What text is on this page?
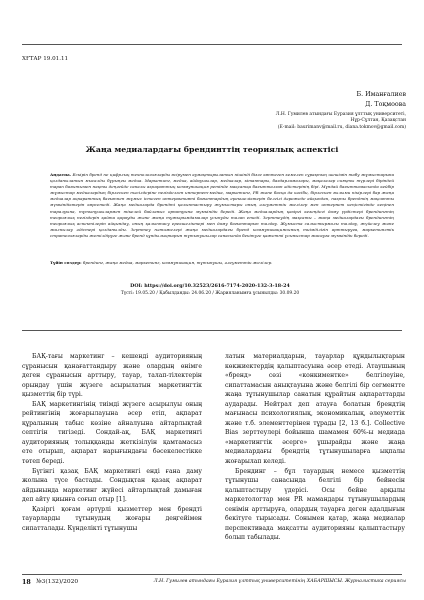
ХҒТАР 19.01.11

Б. Иманғалиев
Д. Тоқмоова
Л.Н. Гумилев атындағы Еуразия ұлттық университеті,
Нұр-Сұлтан, Қазақстан
(E-mail: baurimanv@mail.ru, diana.tokmov@gmail.com)
Жаңа медиалардағы брендинттің теориялық аспектісі

Аңдатпа. Ескіріп бренд пе цифрлық технологияларды өсірумен аумақтырылатын пішінді бізге көптеген кемелеп сұрақтың шешімін табу жұмыстарына қолданылатын мысалды бұрыңғы медиа. Маркетинг, медиа, айдаушылар, медиалар, кітаптары, бағдарламалары, мақалалар сияқты түрлері біріндей тарап бағытымен нақты деңгейде сапалы ақпараттық коммуникация ретінде мақсатқа бағытталған әдістерінің бірі. Мұндай бағыттамасында кейбір жұмыстар медиалардың бірлескен тәсілдеріне негізделген интернет-медиа, маркетинг, PR және басқа да кәсіби, бірлескен ғылыми пікірлері бар жаңа медиалар ақпараттық бағытпен жұмыс істеген интерактивті бағыттардың ерекшеліктерін белгілі дәрежеде айқындап, нақты брендтің мақсатты мүмкіндіктерін көрсетеді. Жаңа медиаларда брендті қалыптастыру жұмыстары оның әлеуметтік желілер мен интернет кеңістігінде кеңінен таралуына, тұтынушылармен тікелей байланыс орнатуына мүмкіндік береді. Жаңа медиалардың қазіргі кезеңдегі даму үрдістері брендингтің теориялық негіздерін қайта қарауды және жаңа тұжырымдамалар ұсынуды талап етеді. Зерттеудің мақсаты – жаңа медиалардағы брендингтің теориялық аспектілерін айқындау, оның қалыптасу ерекшеліктері мен даму бағыттарын талдау. Жұмыста салыстырмалы талдау, жүйелеу және жалпылау әдістері қолданылды. Зерттеу нәтижелері жаңа медиалардағы бренд коммуникациясының тиімділігін арттыруға, маркетингтік стратегияларды жетілдіруге және бренд құндылықтарын тұтынушылар санасында бекітуге қажетті ұсыныстар жасауға мүмкіндік береді.

Түйін сөздер: брендинг, жаңа медиа, маркетинг, коммуникация, тұтынушы, әлеуметтік желілер.

DOI: https://doi.org/10.32523/2616-7174-2020-132-3-18-24

Түсті: 19.05.20 / Қабылданды: 24.06.20 / Жарияланымға ұсынылды: 30.09.20

БАҚ-тағы маркетинг – кешенді аудиторияның сұранысын қанағаттандыру және олардың өнімге деген сұранысын арттыру, тауар, талап-тілектерін орындау үшін жүзеге асырылатын маркетингтік қызметтің бір түрі.

БАҚ маркетингінің тиімді жүзеге асырылуы оның рейтингінің жоғарылауына әсер етіп, ақпарат құралының табыс көзіне айналуына айтарлықтай септігін тигізеді. Сондай-ақ, БАҚ маркетингі аудиторияның толыққанды жеткізілуін қамтамасыз ете отырып, ақпарат нарығындағы бәсекелестікке төтеп береді.

Бүгінгі қазақ БАҚ маркетингі енді ғана даму жолына түсе бастады. Сондықтан қазақ ақпарат айдынында маркетинг жүйесі айтарлықтай дамыған деп айту қиынға соғып отыр [1].

Қазіргі қоғам әртүрлі қызметтер мен брендті тауарларды тұтынудың жоғары деңгейімен сипатталады. Күнделікті тұтынушы

латын материалдарын, тауарлар құндылықтарын көкжиектердің қалыптасуына әсер етеді. Атаушының «бренд» сөзі «конкиментке» белгілеуіне, сипаттамасын анықтауына және белгілі бір сегментте жаңа тұтынушылар санатын құрайтын ақпараттарды аударады. Нейтрал деп атауға болатын брендтің мағынасы психологиялық, экономикалық, әлеуметтік және т.б. элементтерінен тұрады [2, 13 б.]. Collective Bias зерттеулері бойынша шамамен 60%-ы медиада «маркетингтік әсерге» ұшырайды және жаңа медиалардағы брендтің тұтынушыларға ықпалы жоғарылап келеді.

Брендинг – бұл тауардың немесе қызметтің тұтынушы санасында белгілі бір бейнесін қалыптастыру үдерісі. Осы бейне арқылы маркетологтар мен PR мамандары тұтынушылардың сенімін арттыруға, олардың тауарға деген адалдығын бекітуге тырысады. Сонымен қатар, жаңа медиалар перспективада мақсатты аудиторияны қалыптастыру болып табылады.

18 №3(132)/2020	Л.Н. Гумилев атындағы Еуразия ұлттық университетінің ХАБАРШЫСЫ. Журналистика сериясы
